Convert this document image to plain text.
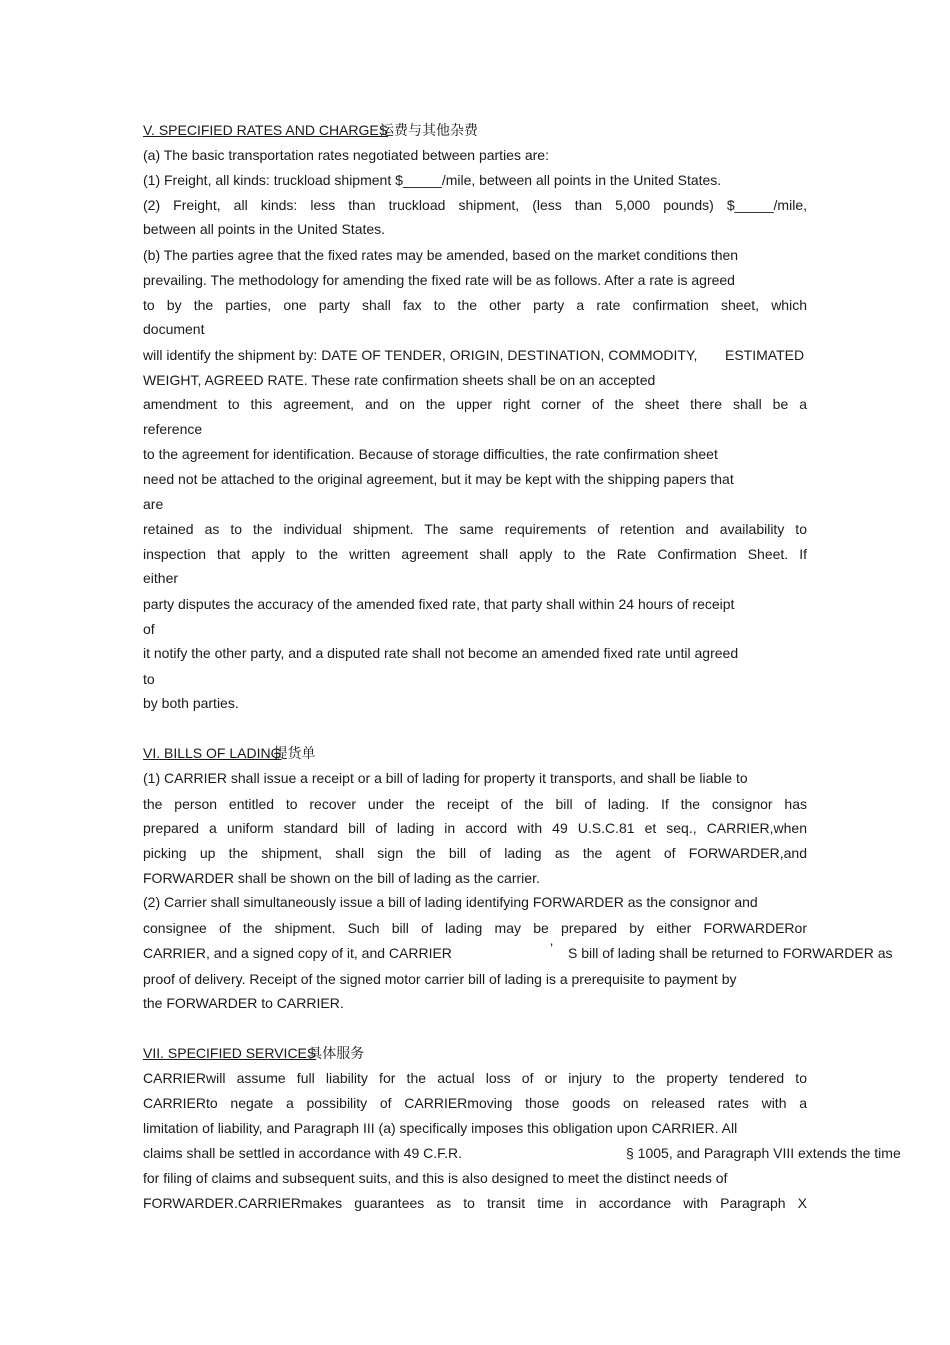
V. SPECIFIED RATES AND CHARGES运费与其他杂费
(a) The basic transportation rates negotiated between parties are:
(1) Freight, all kinds: truckload shipment $_____/mile, between all points in the United States.
(2) Freight, all kinds: less than truckload shipment, (less than 5,000 pounds) $_____/mile,
between all points in the United States.
(b) The parties agree that the fixed rates may be amended, based on the market conditions then
prevailing. The methodology for amending the fixed rate will be as follows. After a rate is agreed
to by the parties, one party shall fax to the other party a rate confirmation sheet, which
document
will identify the shipment by: DATE OF TENDER, ORIGIN, DESTINATION, COMMODITY, ESTIMATED
WEIGHT, AGREED RATE. These rate confirmation sheets shall be on an accepted
amendment to this agreement, and on the upper right corner of the sheet there shall be a
reference
to the agreement for identification. Because of storage difficulties, the rate confirmation sheet
need not be attached to the original agreement, but it may be kept with the shipping papers that
are
retained as to the individual shipment. The same requirements of retention and availability to
inspection that apply to the written agreement shall apply to the Rate Confirmation Sheet. If
either
party disputes the accuracy of the amended fixed rate, that party shall within 24 hours of receipt
of
it notify the other party, and a disputed rate shall not become an amended fixed rate until agreed
to
by both parties.
VI. BILLS OF LADING提货单
(1) CARRIER shall issue a receipt or a bill of lading for property it transports, and shall be liable to
the person entitled to recover under the receipt of the bill of lading. If the consignor has
prepared a uniform standard bill of lading in accord with 49 U.S.C.81 et seq., CARRIER,when
picking up the shipment, shall sign the bill of lading as the agent of FORWARDER,and
FORWARDER shall be shown on the bill of lading as the carrier.
(2) Carrier shall simultaneously issue a bill of lading identifying FORWARDER as the consignor and
consignee of the shipment. Such bill of lading may be prepared by either FORWARDERor
CARRIER, and a signed copy of it, and CARRIER	’ S bill of lading shall be returned to FORWARDER as
proof of delivery. Receipt of the signed motor carrier bill of lading is a prerequisite to payment by
the FORWARDER to CARRIER.
VII. SPECIFIED SERVICES具体服务
CARRIERwill assume full liability for the actual loss of or injury to the property tendered to
CARRIERto negate a possibility of CARRIERmoving those goods on released rates with a
limitation of liability, and Paragraph III (a) specifically imposes this obligation upon CARRIER. All
claims shall be settled in accordance with 49 C.F.R.	§ 1005, and Paragraph VIII extends the time
for filing of claims and subsequent suits, and this is also designed to meet the distinct needs of
FORWARDER.CARRIERmakes guarantees as to transit time in accordance with Paragraph X
